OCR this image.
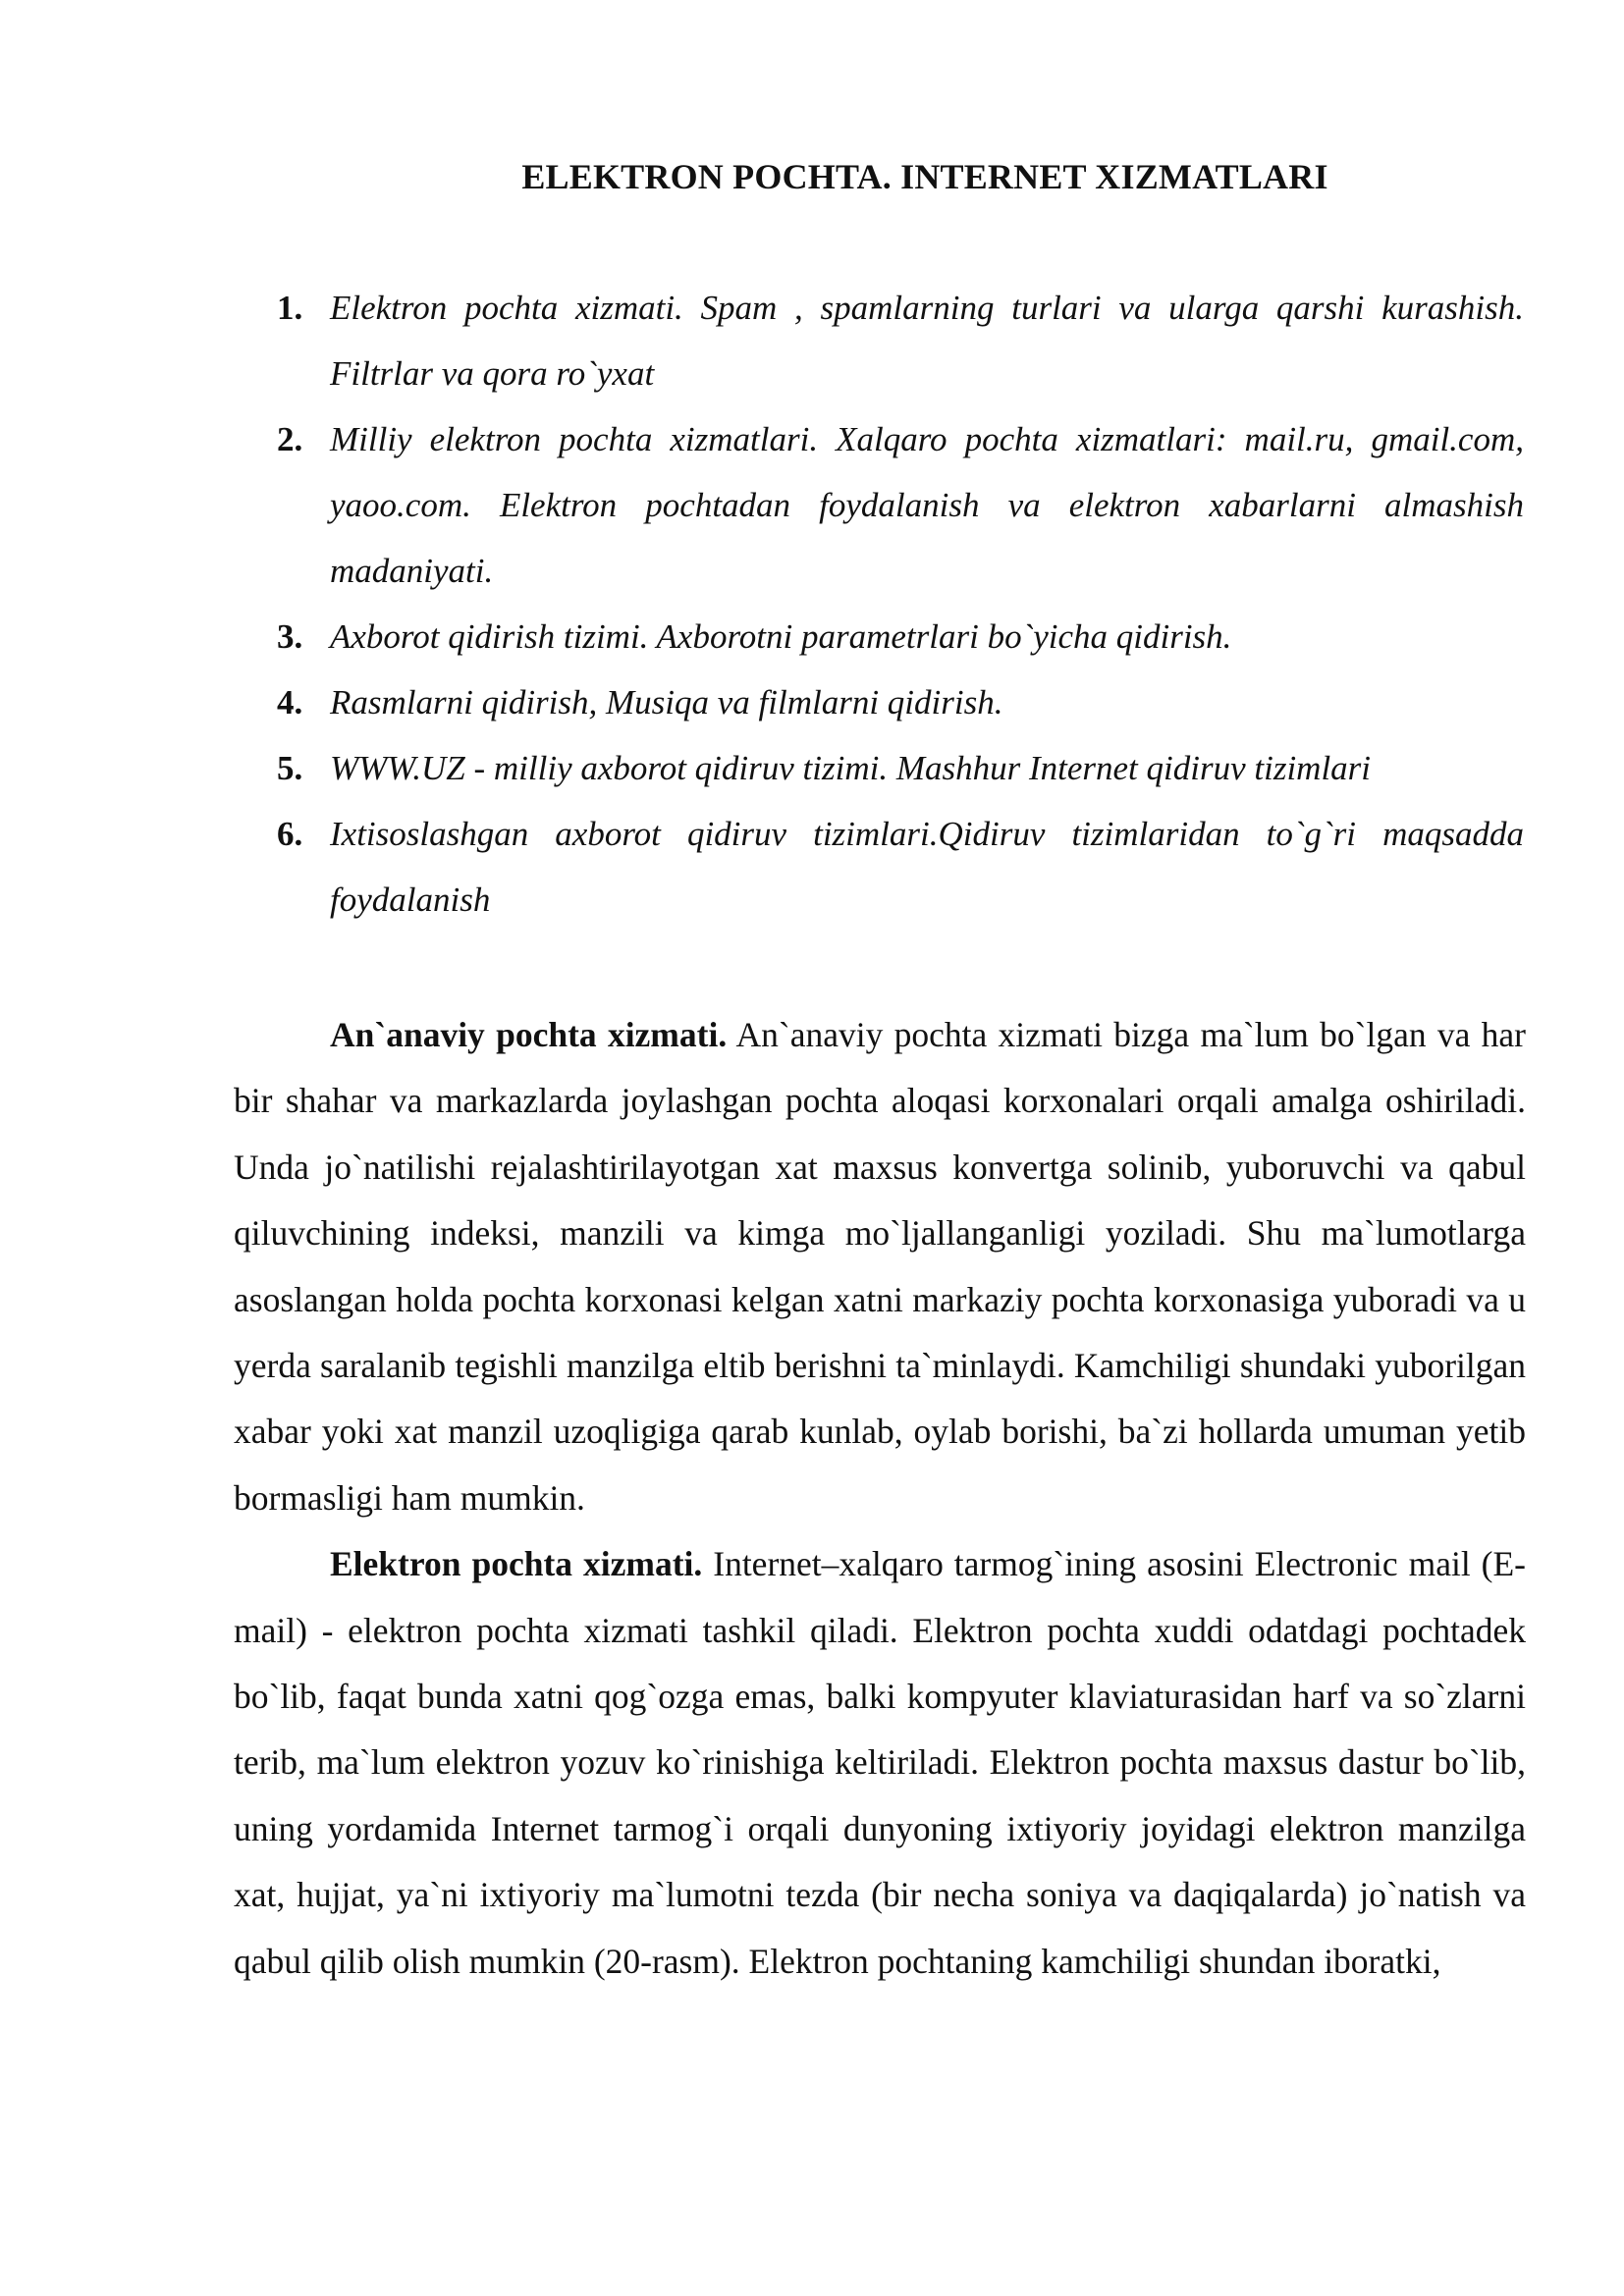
ELEKTRON POCHTA. INTERNET XIZMATLARI
1. Elektron pochta xizmati. Spam , spamlarning turlari va ularga qarshi kurashish. Filtrlar va qora ro`yxat
2. Milliy elektron pochta xizmatlari. Xalqaro pochta xizmatlari: mail.ru, gmail.com, yaoo.com. Elektron pochtadan foydalanish va elektron xabarlarni almashish madaniyati.
3. Axborot qidirish tizimi. Axborotni parametrlari bo`yicha qidirish.
4. Rasmlarni qidirish, Musiqa va filmlarni qidirish.
5. WWW.UZ - milliy axborot qidiruv tizimi. Mashhur Internet qidiruv tizimlari
6. Ixtisoslashgan axborot qidiruv tizimlari.Qidiruv tizimlaridan to`g`ri maqsadda foydalanish

An`anaviy pochta xizmati. An`anaviy pochta xizmati bizga ma`lum bo`lgan va har bir shahar va markazlarda joylashgan pochta aloqasi korxonalari orqali amalga oshiriladi. Unda jo`natilishi rejalashtirilayotgan xat maxsus konvertga solinib, yuboruvchi va qabul qiluvchining indeksi, manzili va kimga mo`ljallanganligi yoziladi. Shu ma`lumotlarga asoslangan holda pochta korxonasi kelgan xatni markaziy pochta korxonasiga yuboradi va u yerda saralanib tegishli manzilga eltib berishni ta`minlaydi. Kamchiligi shundaki yuborilgan xabar yoki xat manzil uzoqligiga qarab kunlab, oylab borishi, ba`zi hollarda umuman yetib bormasligi ham mumkin.

Elektron pochta xizmati. Internet–xalqaro tarmog`ining asosini Electronic mail (E-mail) - elektron pochta xizmati tashkil qiladi. Elektron pochta xuddi odatdagi pochtadek bo`lib, faqat bunda xatni qog`ozga emas, balki kompyuter klaviaturasidan harf va so`zlarni terib, ma`lum elektron yozuv ko`rinishiga keltiriladi. Elektron pochta maxsus dastur bo`lib, uning yordamida Internet tarmog`i orqali dunyoning ixtiyoriy joyidagi elektron manzilga xat, hujjat, ya`ni ixtiyoriy ma`lumotni tezda (bir necha soniya va daqiqalarda) jo`natish va qabul qilib olish mumkin (20-rasm). Elektron pochtaning kamchiligi shundan iboratki,
